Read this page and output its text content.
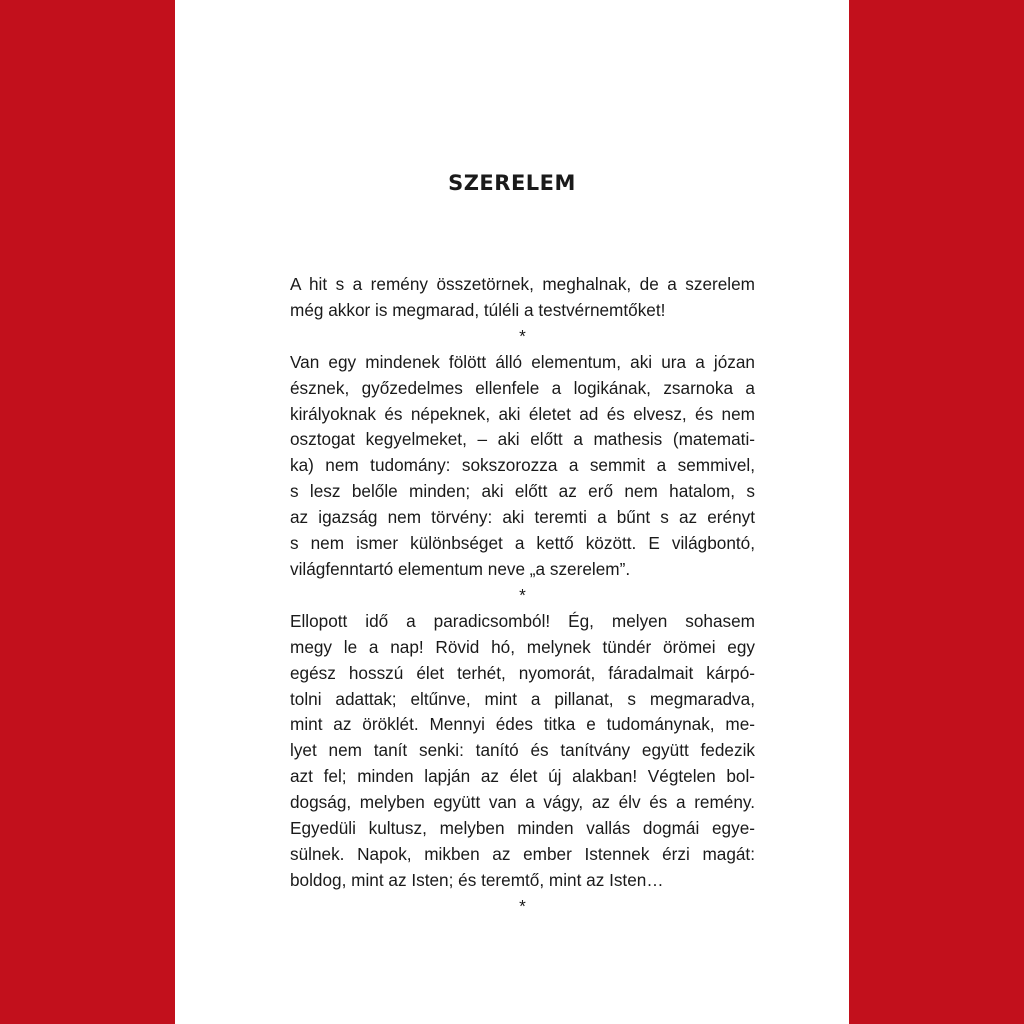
SZERELEM
A hit s a remény összetörnek, meghalnak, de a szerelem
még akkor is megmarad, túléli a testvérnemtőket!
*
Van egy mindenek fölött álló elementum, aki ura a józan
észnek, győzedelmes ellenfele a logikának, zsarnoka a
királyoknak és népeknek, aki életet ad és elvesz, és nem
osztogat kegyelmeket, – aki előtt a mathesis (matemati-
ka) nem tudomány: sokszorozza a semmit a semmivel,
s lesz belőle minden; aki előtt az erő nem hatalom, s
az igazság nem törvény: aki teremti a bűnt s az erényt
s nem ismer különbséget a kettő között. E világbontó,
világfenntartó elementum neve „a szerelem”.
*
Ellopott idő a paradicsomból! Ég, melyen sohasem
megy le a nap! Rövid hó, melynek tündér örömei egy
egész hosszú élet terhét, nyomorát, fáradalmait kárpó-
tolni adattak; eltűnve, mint a pillanat, s megmaradva,
mint az öröklét. Mennyi édes titka e tudománynak, me-
lyet nem tanít senki: tanító és tanítvány együtt fedezik
azt fel; minden lapján az élet új alakban! Végtelen bol-
dogság, melyben együtt van a vágy, az élv és a remény.
Egyedüli kultusz, melyben minden vallás dogmái egye-
sülnek. Napok, mikben az ember Istennek érzi magát:
boldog, mint az Isten; és teremtő, mint az Isten…
*
